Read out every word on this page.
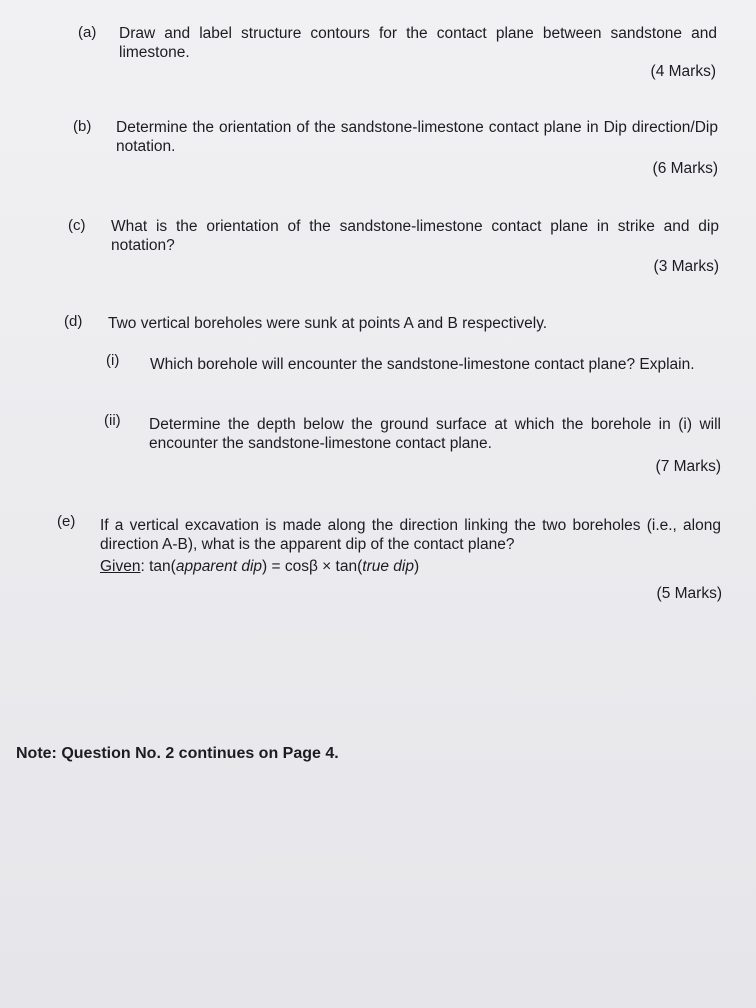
(a) Draw and label structure contours for the contact plane between sandstone and limestone.
(4 Marks)
(b) Determine the orientation of the sandstone-limestone contact plane in Dip direction/Dip notation.
(6 Marks)
(c) What is the orientation of the sandstone-limestone contact plane in strike and dip notation?
(3 Marks)
(d) Two vertical boreholes were sunk at points A and B respectively.
(i) Which borehole will encounter the sandstone-limestone contact plane? Explain.
(ii) Determine the depth below the ground surface at which the borehole in (i) will encounter the sandstone-limestone contact plane.
(7 Marks)
(e) If a vertical excavation is made along the direction linking the two boreholes (i.e., along direction A-B), what is the apparent dip of the contact plane?
Given: tan(apparent dip) = cosβ × tan(true dip)
(5 Marks)
Note: Question No. 2 continues on Page 4.
